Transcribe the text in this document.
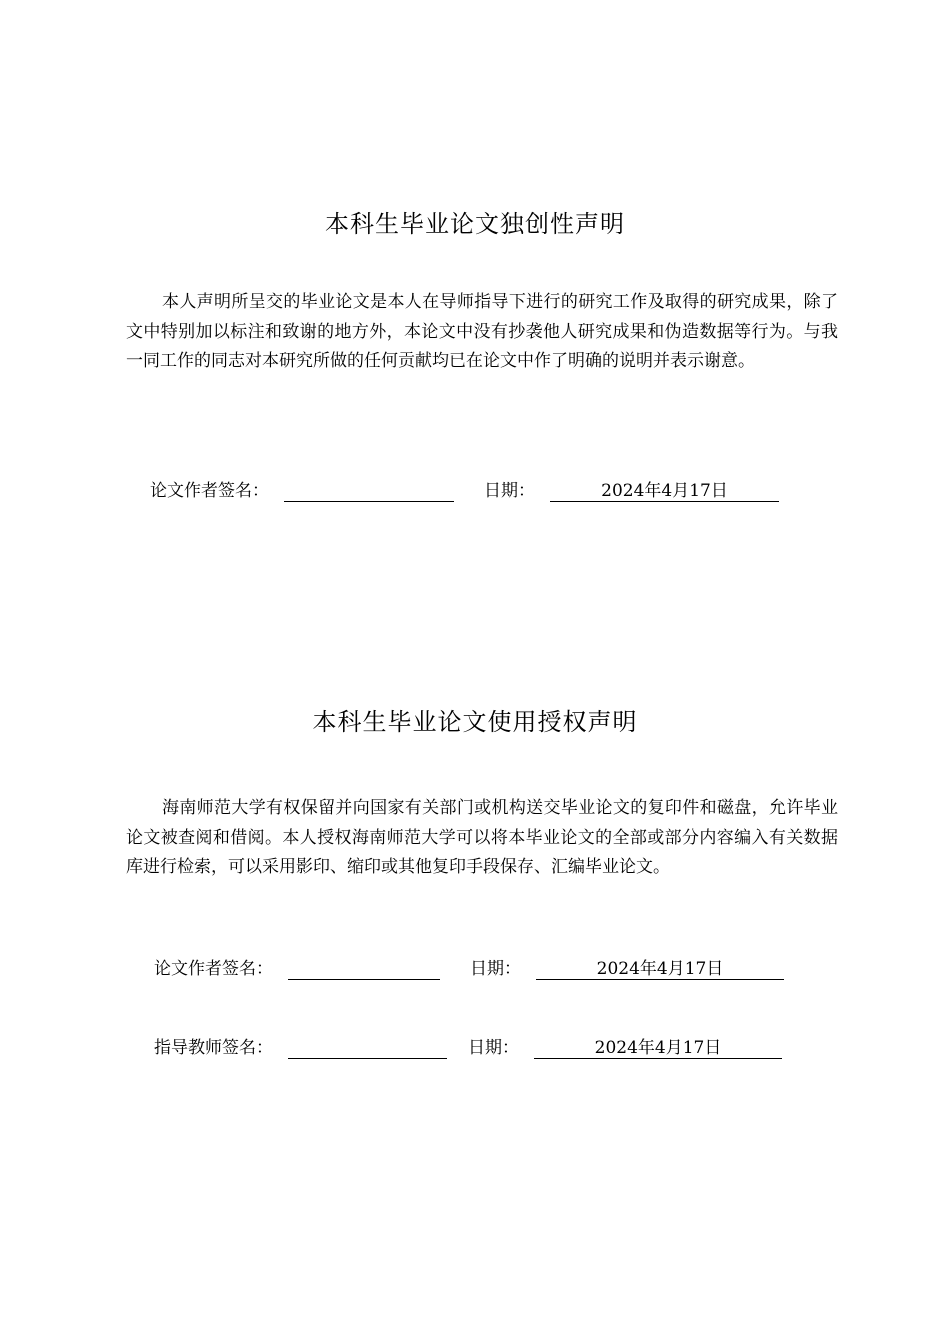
本科生毕业论文独创性声明

本人声明所呈交的毕业论文是本人在导师指导下进行的研究工作及取得的研究成果，除了文中特别加以标注和致谢的地方外，本论文中没有抄袭他人研究成果和伪造数据等行为。与我一同工作的同志对本研究所做的任何贡献均已在论文中作了明确的说明并表示谢意。

论文作者签名：	日期：	2024年4月17日
本科生毕业论文使用授权声明

海南师范大学有权保留并向国家有关部门或机构送交毕业论文的复印件和磁盘，允许毕业论文被查阅和借阅。本人授权海南师范大学可以将本毕业论文的全部或部分内容编入有关数据库进行检索，可以采用影印、缩印或其他复印手段保存、汇编毕业论文。

论文作者签名：	日期：	2024年4月17日
指导教师签名：	日期：	2024年4月17日
